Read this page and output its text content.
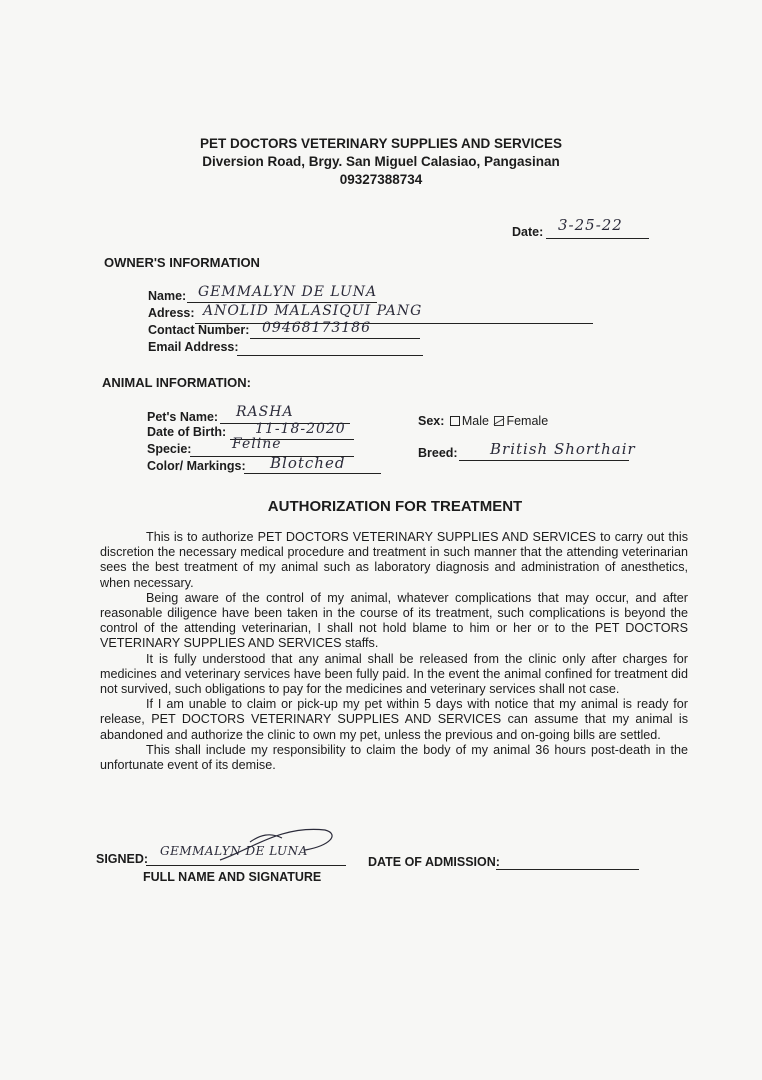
PET DOCTORS VETERINARY SUPPLIES AND SERVICES
Diversion Road, Brgy. San Miguel Calasiao, Pangasinan
09327388734
Date: 3-25-22
OWNER'S INFORMATION
Name: GEMMALYN DE LUNA
Adress: ANOLID MALASIQUI PANG
Contact Number: 09468173186
Email Address:
ANIMAL INFORMATION:
Pet's Name: RASHA
Date of Birth: 11-18-2020
Specie:	Feline
Color/ Markings: Blotched
Sex: Male Female
Breed: British Shorthair
AUTHORIZATION FOR TREATMENT

This is to authorize PET DOCTORS VETERINARY SUPPLIES AND SERVICES to carry out this discretion the necessary medical procedure and treatment in such manner that the attending veterinarian sees the best treatment of my animal such as laboratory diagnosis and administration of anesthetics, when necessary.

Being aware of the control of my animal, whatever complications that may occur, and after reasonable diligence have been taken in the course of its treatment, such complications is beyond the control of the attending veterinarian, I shall not hold blame to him or her or to the PET DOCTORS VETERINARY SUPPLIES AND SERVICES staffs.

It is fully understood that any animal shall be released from the clinic only after charges for medicines and veterinary services have been fully paid. In the event the animal confined for treatment did not survived, such obligations to pay for the medicines and veterinary services shall not case.

If I am unable to claim or pick-up my pet within 5 days with notice that my animal is ready for release, PET DOCTORS VETERINARY SUPPLIES AND SERVICES can assume that my animal is abandoned and authorize the clinic to own my pet, unless the previous and on-going bills are settled.

This shall include my responsibility to claim the body of my animal 36 hours post-death in the unfortunate event of its demise.

SIGNED:
GEMMALYN DE LUNA
FULL NAME AND SIGNATURE
DATE OF ADMISSION:
